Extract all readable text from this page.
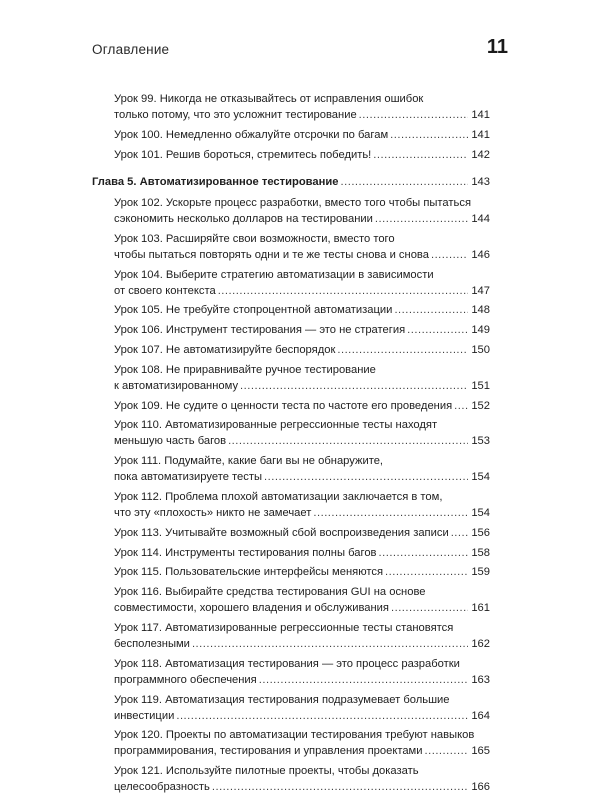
Оглавление	11
Урок 99. Никогда не отказывайтесь от исправления ошибок
только потому, что это усложнит тестирование .....	141
Урок 100. Немедленно обжалуйте отсрочки по багам .....	141
Урок 101. Решив бороться, стремитесь победить! .....	142
Глава 5. Автоматизированное тестирование .....	143
Урок 102. Ускорьте процесс разработки, вместо того чтобы пытаться
сэкономить несколько долларов на тестировании .....	144
Урок 103. Расширяйте свои возможности, вместо того
чтобы пытаться повторять одни и те же тесты снова и снова .....	146
Урок 104. Выберите стратегию автоматизации в зависимости
от своего контекста .....	147
Урок 105. Не требуйте стопроцентной автоматизации .....	148
Урок 106. Инструмент тестирования — это не стратегия .....	149
Урок 107. Не автоматизируйте беспорядок .....	150
Урок 108. Не приравнивайте ручное тестирование
к автоматизированному .....	151
Урок 109. Не судите о ценности теста по частоте его проведения ..... 152
Урок 110. Автоматизированные регрессионные тесты находят
меньшую часть багов .....	153
Урок 111. Подумайте, какие баги вы не обнаружите,
пока автоматизируете тесты .....	154
Урок 112. Проблема плохой автоматизации заключается в том,
что эту «плохость» никто не замечает .....	154
Урок 113. Учитывайте возможный сбой воспроизведения записи ..... 156
Урок 114. Инструменты тестирования полны багов .....	158
Урок 115. Пользовательские интерфейсы меняются .....	159
Урок 116. Выбирайте средства тестирования GUI на основе
совместимости, хорошего владения и обслуживания .....	161
Урок 117. Автоматизированные регрессионные тесты становятся
бесполезными .....	162
Урок 118. Автоматизация тестирования — это процесс разработки
программного обеспечения .....	163
Урок 119. Автоматизация тестирования подразумевает большие
инвестиции .....	164
Урок 120. Проекты по автоматизации тестирования требуют навыков
программирования, тестирования и управления проектами .....	165
Урок 121. Используйте пилотные проекты, чтобы доказать
целесообразность .....	166
